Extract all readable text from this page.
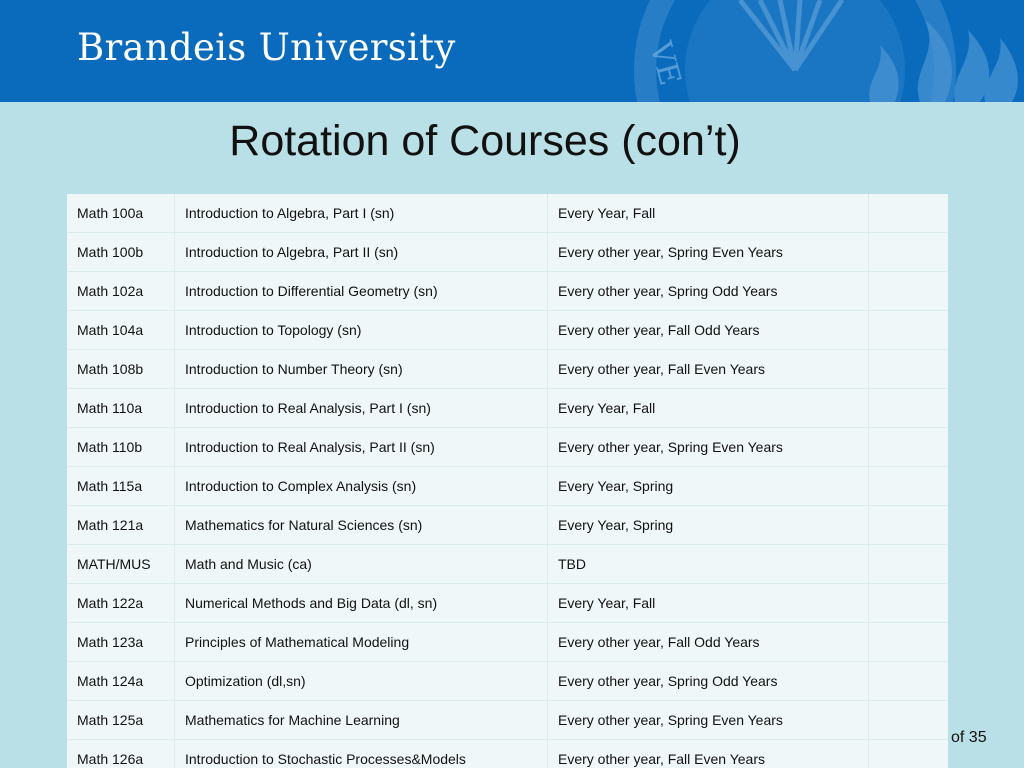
Brandeis University	VE
Rotation of Courses (con’t)
Math 100a	Introduction to Algebra, Part I (sn)	Every Year, Fall	
Math 100b	Introduction to Algebra, Part II (sn)	Every other year, Spring Even Years	
Math 102a	Introduction to Differential Geometry (sn)	Every other year, Spring Odd Years	
Math 104a	Introduction to Topology (sn)	Every other year, Fall Odd Years	
Math 108b	Introduction to Number Theory (sn)	Every other year, Fall Even Years	
Math 110a	Introduction to Real Analysis, Part I (sn)	Every Year, Fall	
Math 110b	Introduction to Real Analysis, Part II (sn)	Every other year, Spring Even Years	
Math 115a	Introduction to Complex Analysis (sn)	Every Year, Spring	
Math 121a	Mathematics for Natural Sciences (sn)	Every Year, Spring	
MATH/MUS	Math and Music (ca)	TBD	
Math 122a	Numerical Methods and Big Data (dl, sn)	Every Year, Fall	
Math 123a	Principles of Mathematical Modeling	Every other year, Fall Odd Years	
Math 124a	Optimization (dl,sn)	Every other year, Spring Odd Years	
Math 125a	Mathematics for Machine Learning	Every other year, Spring Even Years	
Math 126a	Introduction to Stochastic Processes&Models	Every other year, Fall Even Years	
of 35
